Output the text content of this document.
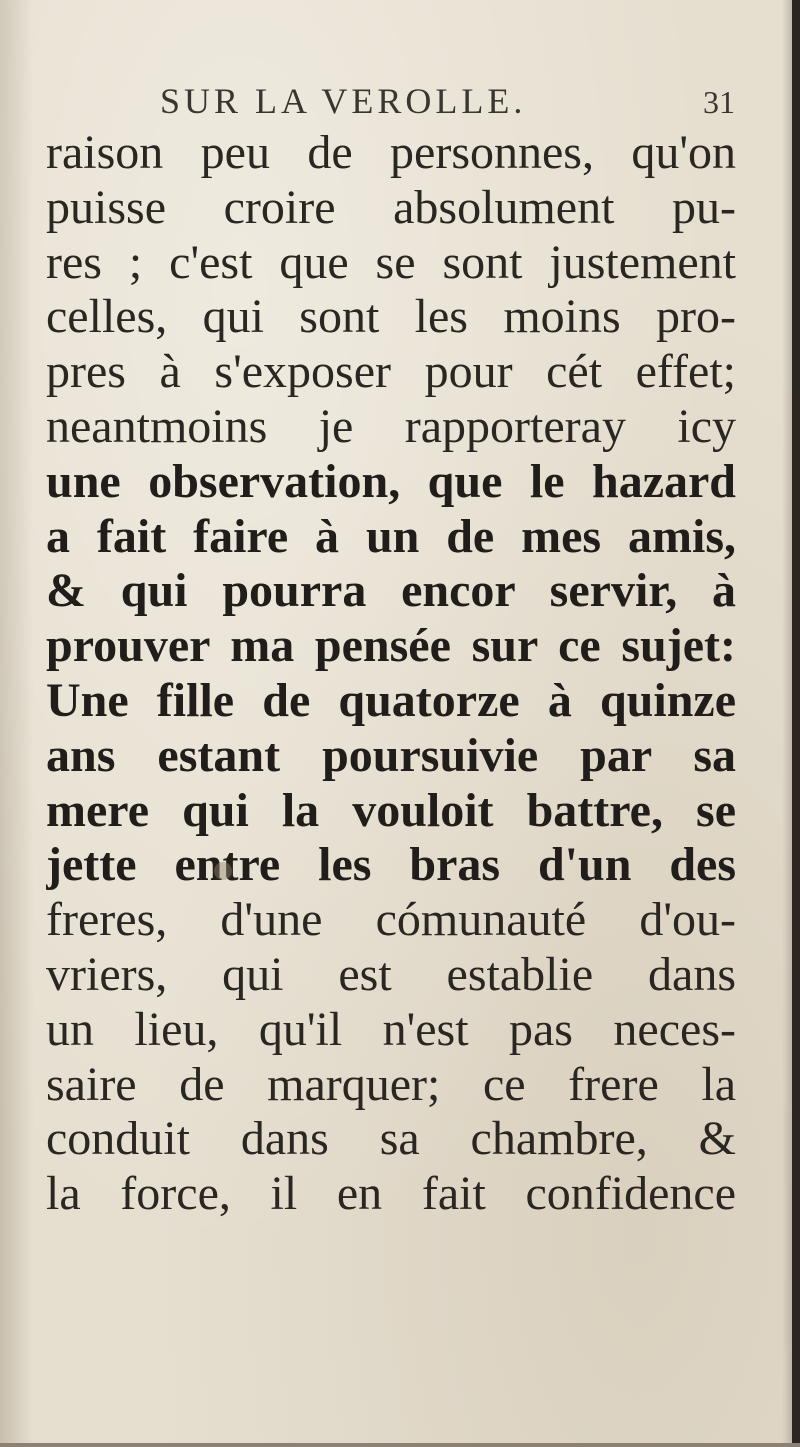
SUR LA VEROLLE.	31
raison peu de personnes, qu'on
puisse croire absolument pu-
res ; c'est que se sont justement
celles, qui sont les moins pro-
pres à s'exposer pour cét effet;
neantmoins je rapporteray icy
une observation, que le hazard
a fait faire à un de mes amis,
& qui pourra encor servir, à
prouver ma pensée sur ce sujet:
Une fille de quatorze à quinze
ans estant poursuivie par sa
mere qui la vouloit battre, se
jette entre les bras d'un des
freres, d'une cómunauté d'ou-
vriers, qui est establie dans
un lieu, qu'il n'est pas neces-
saire de marquer; ce frere la
conduit dans sa chambre, &
la force, il en fait confidence
